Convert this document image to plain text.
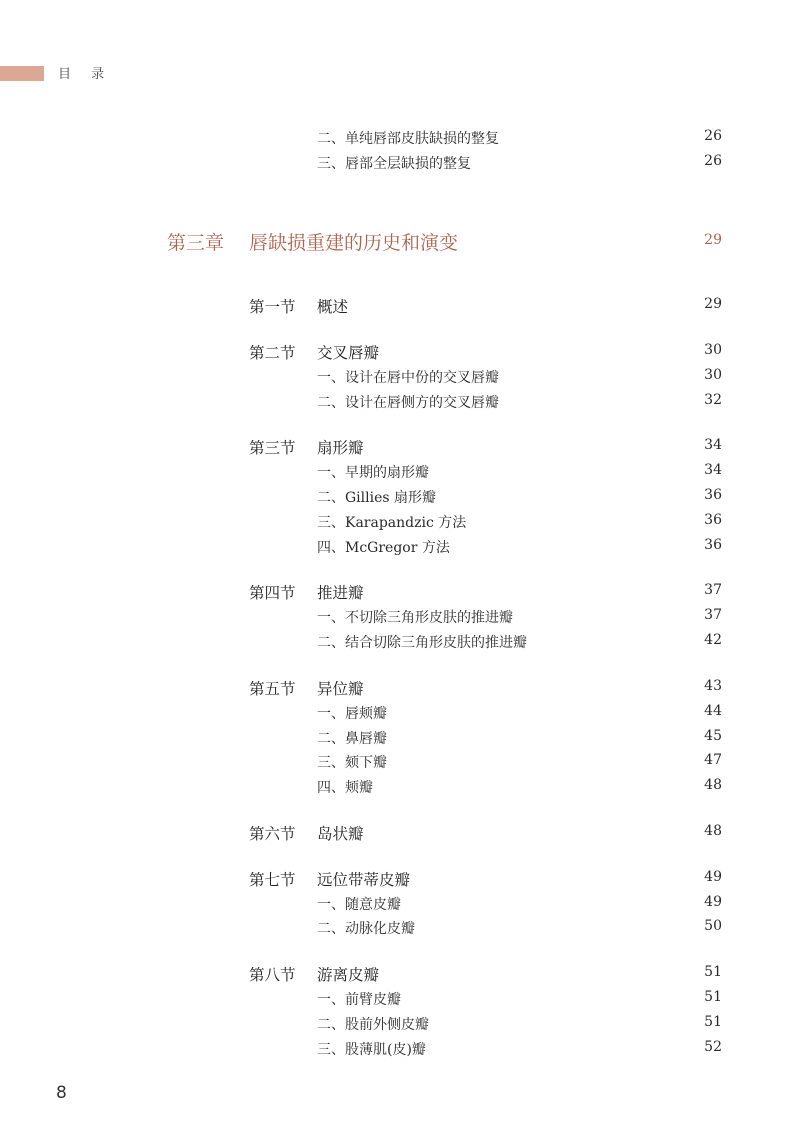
目 录
二、单纯唇部皮肤缺损的整复	26
三、唇部全层缺损的整复	26
第三章 唇缺损重建的历史和演变	29
第一节 概述	29
第二节 交叉唇瓣	30
一、设计在唇中份的交叉唇瓣	30
二、设计在唇侧方的交叉唇瓣	32
第三节 扇形瓣	34
一、早期的扇形瓣	34
二、Gillies 扇形瓣	36
三、Karapandzic 方法	36
四、McGregor 方法	36
第四节 推进瓣	37
一、不切除三角形皮肤的推进瓣	37
二、结合切除三角形皮肤的推进瓣	42
第五节 异位瓣	43
一、唇颊瓣	44
二、鼻唇瓣	45
三、颏下瓣	47
四、颊瓣	48
第六节 岛状瓣	48
第七节 远位带蒂皮瓣	49
一、随意皮瓣	49
二、动脉化皮瓣	50
第八节 游离皮瓣	51
一、前臂皮瓣	51
二、股前外侧皮瓣	51
三、股薄肌(皮)瓣	52
8
